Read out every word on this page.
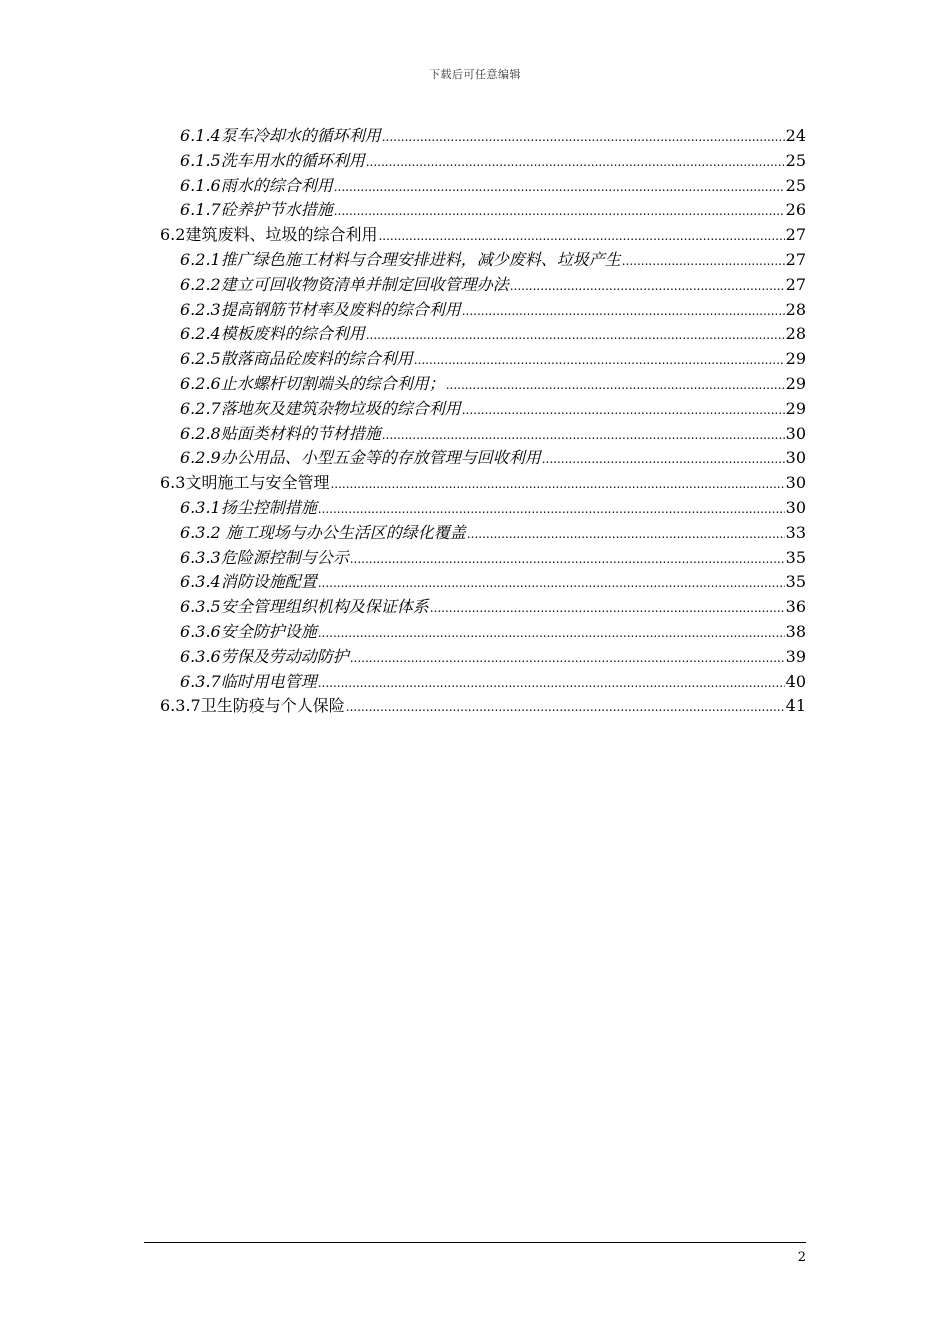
下载后可任意编辑
6.1.4 泵车冷却水的循环利用 .....	24
6.1.5 洗车用水的循环利用 .....	25
6.1.6 雨水的综合利用 .....	25
6.1.7 砼养护节水措施 .....	26
6.2 建筑废料、垃圾的综合利用 .....	27
6.2.1 推广绿色施工材料与合理安排进料，减少废料、垃圾产生 .....	27
6.2.2 建立可回收物资清单并制定回收管理办法 .....	27
6.2.3 提高钢筋节材率及废料的综合利用 .....	28
6.2.4 模板废料的综合利用 .....	28
6.2.5 散落商品砼废料的综合利用 .....	29
6.2.6 止水螺杆切割端头的综合利用； .....	29
6.2.7 落地灰及建筑杂物垃圾的综合利用 .....	29
6.2.8 贴面类材料的节材措施 .....	30
6.2.9 办公用品、小型五金等的存放管理与回收利用 .....	30
6.3 文明施工与安全管理 .....	30
6.3.1 扬尘控制措施 .....	30
6.3.2 施工现场与办公生活区的绿化覆盖 .....	33
6.3.3 危险源控制与公示 .....	35
6.3.4 消防设施配置 .....	35
6.3.5 安全管理组织机构及保证体系 .....	36
6.3.6 安全防护设施 .....	38
6.3.6 劳保及劳动动防护 .....	39
6.3.7 临时用电管理 .....	40
6.3.7 卫生防疫与个人保险 .....	41
2
